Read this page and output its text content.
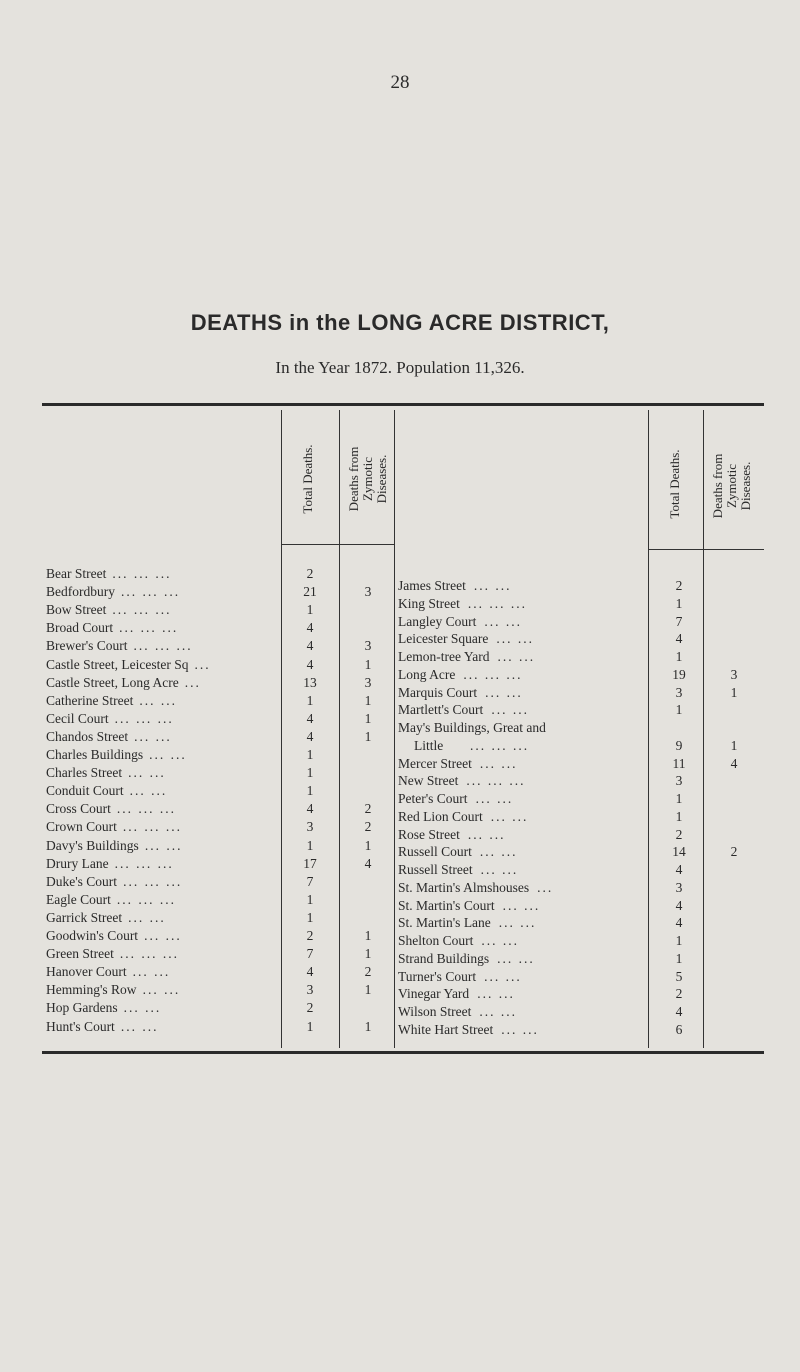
28
DEATHS in the LONG ACRE DISTRICT,
In the Year 1872. Population 11,326.
Total Deaths.	Deaths from Zymotic Diseases.	Total Deaths.	Deaths from Zymotic Diseases.
Bear Street ... ... ...	2
Bedfordbury ... ... ...	21	3
Bow Street ... ... ...	1
Broad Court ... ... ...	4
Brewer's Court ... ... ...	4	3
Castle Street, Leicester Sq ...	4	1
Castle Street, Long Acre ...	13	3
Catherine Street ... ...	1	1
Cecil Court ... ... ...	4	1
Chandos Street ... ...	4	1
Charles Buildings ... ...	1
Charles Street ... ...	1
Conduit Court ... ...	1
Cross Court ... ... ...	4	2
Crown Court ... ... ...	3	2
Davy's Buildings ... ...	1	1
Drury Lane ... ... ...	17	4
Duke's Court ... ... ...	7
Eagle Court ... ... ...	1
Garrick Street ... ...	1
Goodwin's Court ... ...	2	1
Green Street ... ... ...	7	1
Hanover Court ... ...	4	2
Hemming's Row ... ...	3	1
Hop Gardens ... ...	2
Hunt's Court ... ...	1	1
James Street ... ...	2
King Street ... ... ...	1
Langley Court ... ...	7
Leicester Square ... ...	4
Lemon-tree Yard ... ...	1
Long Acre ... ... ...	19	3
Marquis Court ... ...	3	1
Martlett's Court ... ...	1
May's Buildings, Great and
Little ... ... ...	9	1
Mercer Street ... ...	11	4
New Street ... ... ...	3
Peter's Court ... ...	1
Red Lion Court ... ...	1
Rose Street ... ...	2
Russell Court ... ...	14	2
Russell Street ... ...	4
St. Martin's Almshouses ...	3
St. Martin's Court ... ...	4
St. Martin's Lane ... ...	4
Shelton Court ... ...	1
Strand Buildings ... ...	1
Turner's Court ... ...	5
Vinegar Yard ... ...	2
Wilson Street ... ...	4
White Hart Street ... ...	6
